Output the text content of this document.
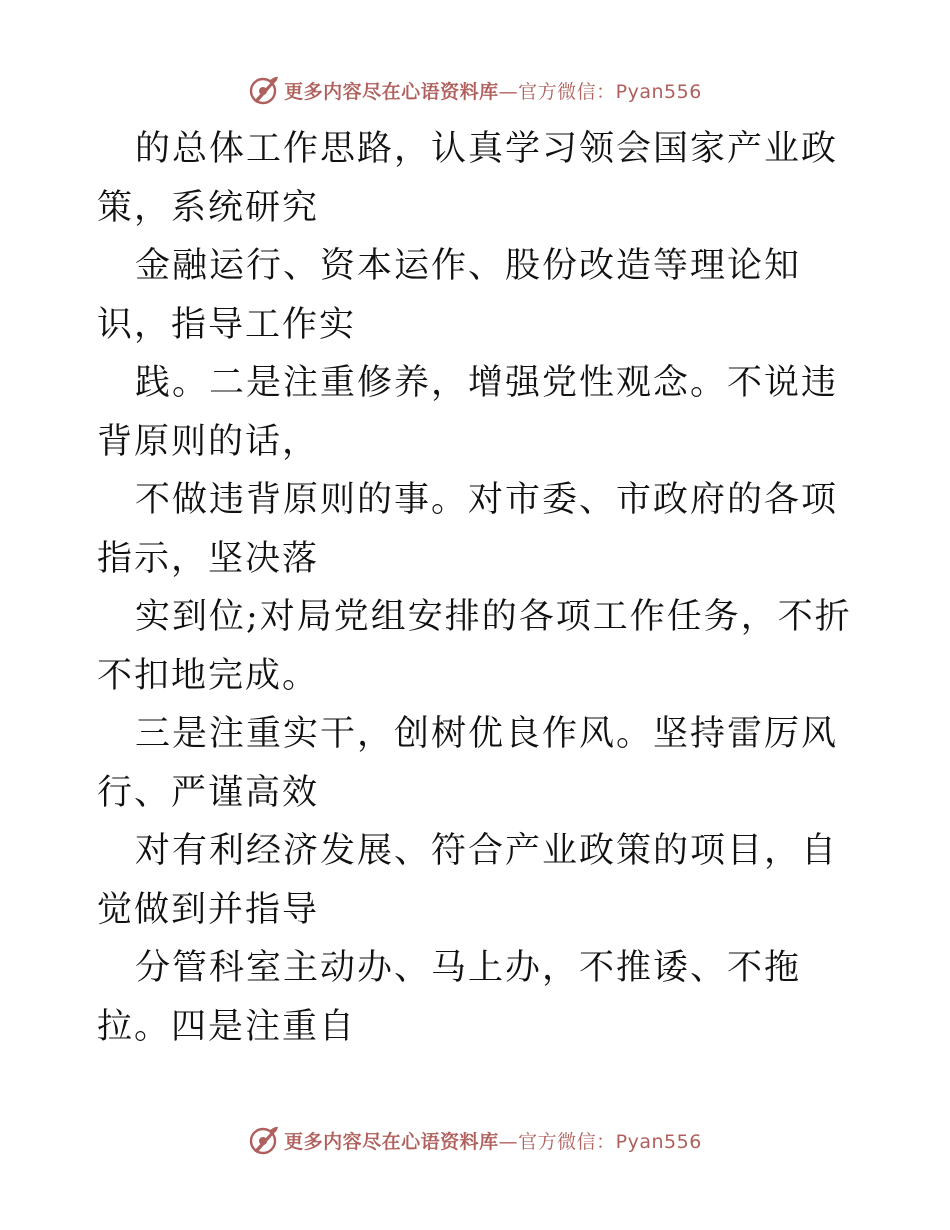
更多内容尽在心语资料库—官方微信：Pyan556

的总体工作思路，认真学习领会国家产业政策，系统研究

金融运行、资本运作、股份改造等理论知识，指导工作实

践。二是注重修养，增强党性观念。不说违背原则的话，

不做违背原则的事。对市委、市政府的各项指示，坚决落

实到位;对局党组安排的各项工作任务，不折不扣地完成。

三是注重实干，创树优良作风。坚持雷厉风行、严谨高效

对有利经济发展、符合产业政策的项目，自觉做到并指导

分管科室主动办、马上办，不推诿、不拖拉。四是注重自

更多内容尽在心语资料库—官方微信：Pyan556
